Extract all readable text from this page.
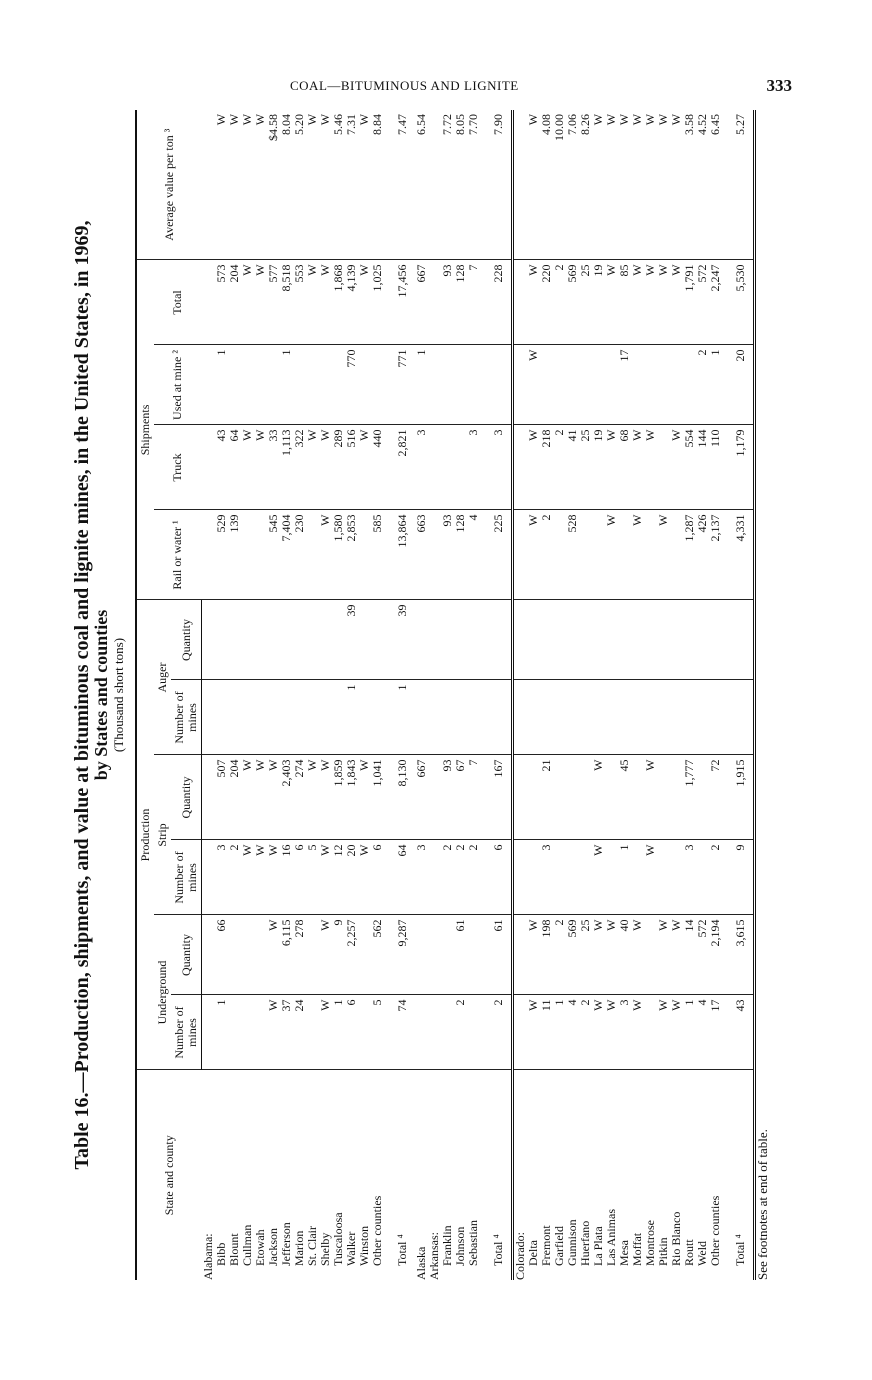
COAL—BITUMINOUS AND LIGNITE	333
Table 16.—Production, shipments, and value at bituminous coal and lignite mines, in the United States, in 1969,
by States and counties (Thousand short tons)
State and county	Production						Shipments				Average value per ton ³
	Underground		Strip		Auger		Rail or water ¹	Truck	Used at mine ²	Total	
	Number of mines	Quantity	Number of mines	Quantity	Number of mines	Quantity					
Alabama:											
Bibb	1	66	3	507			529	43	1	573	W
Blount			2	204			139	64		204	W
Cullman			W	W				W		W	W
Etowah			W	W				W		W	W
Jackson	W	W	W	W			545	33		577	$4.58
Jefferson	37	6,115	16	2,403			7,404	1,113	1	8,518	8.04
Marion	24	278	6	274			230	322		553	5.20
St. Clair			5	W				W		W	W
Shelby	W	W	W	W			W	W		W	W
Tuscaloosa	1	9	12	1,859			1,580	289		1,868	5.46
Walker	6	2,257	20	1,843	1	39	2,853	516	770	4,139	7.31
Winston			W	W				W		W	W
Other counties	5	562	6	1,041			585	440		1,025	8.84

Total ⁴	74	9,287	64	8,130	1	39	13,864	2,821	771	17,456	7.47
Alaska			3	667			663	3	1	667	6.54
Arkansas:											
Franklin			2	93			93			93	7.72
Johnson	2	61	2	67			128			128	8.05
Sebastian			2	7			4	3		7	7.70

Total ⁴	2	61	6	167			225	3		228	7.90
Colorado:											
Delta	W	W					W	W	W	W	W
Fremont	11	198	3	21			2	218		220	4.08
Garfield	1	2						2		2	10.00
Gunnison	4	569					528	41		569	7.06
Huerfano	2	25						25		25	8.26
La Plata	W	W	W	W				19		19	W
Las Animas	W	W					W	W		W	W
Mesa	3	40	1	45				68	17	85	W
Moffat	W	W					W	W		W	W
Montrose			W	W				W		W	W
Pitkin	W	W					W			W	W
Rio Blanco	W	W						W		W	W
Routt	1	14	3	1,777			1,287	554		1,791	3.58
Weld	4	572					426	144	2	572	4.52
Other counties	17	2,194	2	72			2,137	110	1	2,247	6.45

Total ⁴	43	3,615	9	1,915			4,331	1,179	20	5,530	5.27
See footnotes at end of table.
